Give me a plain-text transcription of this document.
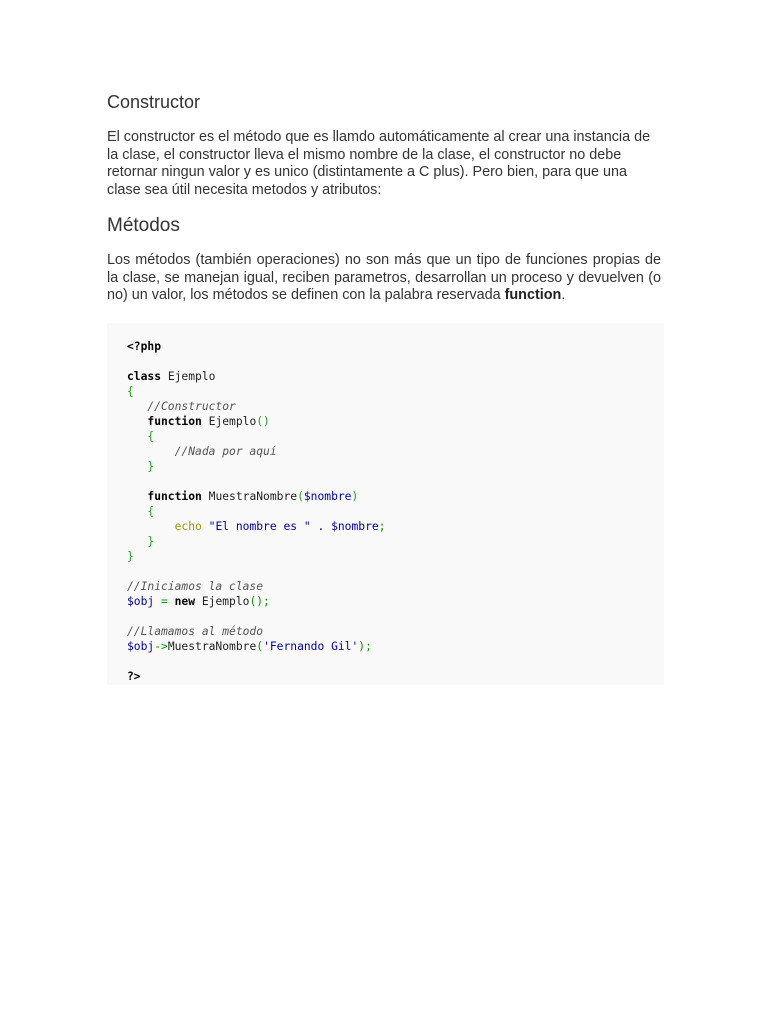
Constructor

El constructor es el método que es llamdo automáticamente al crear una instancia de la clase, el constructor lleva el mismo nombre de la clase, el constructor no debe retornar ningun valor y es unico (distintamente a C plus). Pero bien, para que una clase sea útil necesita metodos y atributos:

Métodos

Los métodos (también operaciones) no son más que un tipo de funciones propias de la clase, se manejan igual, reciben parametros, desarrollan un proceso y devuelven (o no) un valor, los métodos se definen con la palabra reservada function.

<?php
class Ejemplo
{
//Constructor
function Ejemplo()
{
//Nada por aquí
}
function MuestraNombre($nombre)
{
echo "El nombre es " . $nombre;
}
}
//Iniciamos la clase
$obj = new Ejemplo();
//Llamamos al método
$obj->MuestraNombre('Fernando Gil');
?>
